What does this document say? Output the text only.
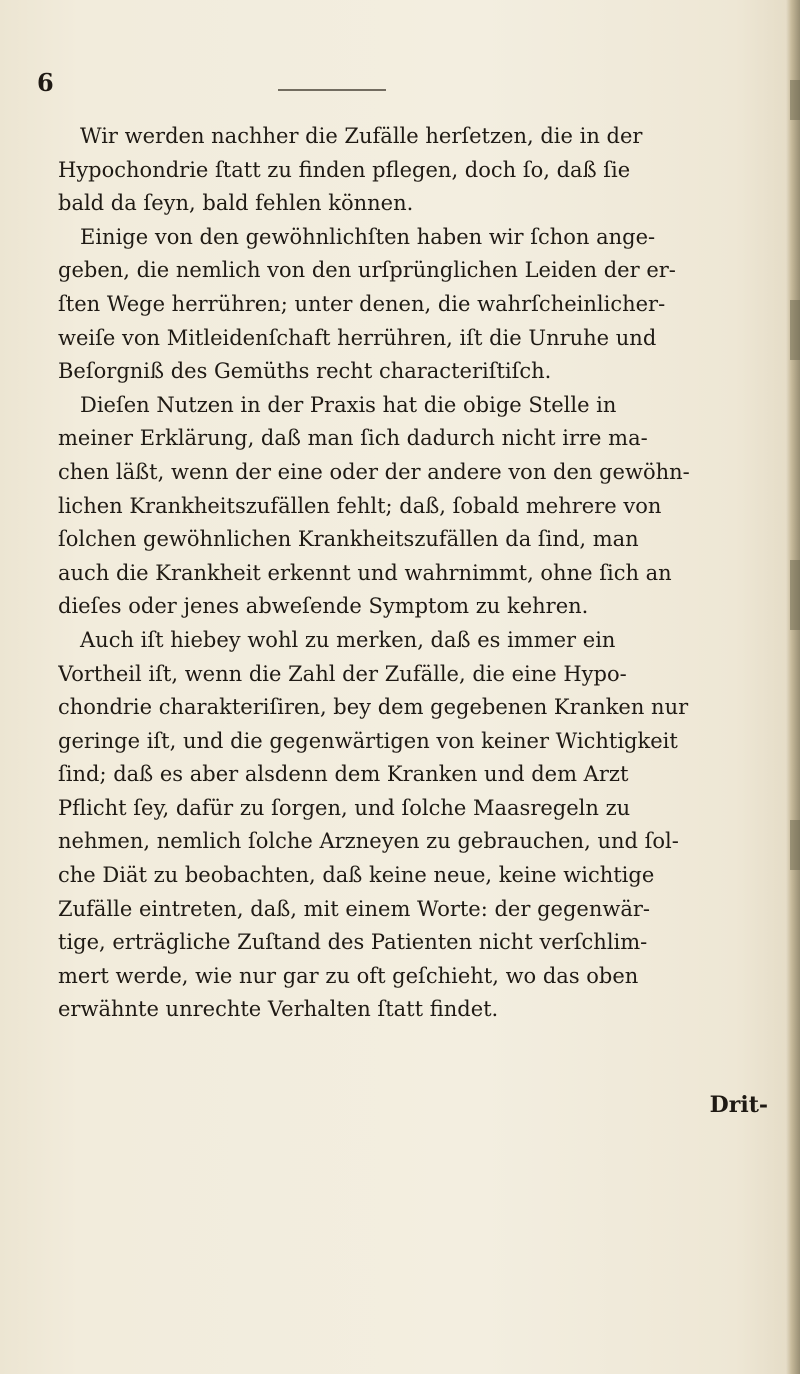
6
Wir werden nachher die Zufälle herſetzen, die in der
Hypochondrie ſtatt zu finden pflegen, doch ſo, daß ſie
bald da ſeyn, bald fehlen können.
Einige von den gewöhnlichſten haben wir ſchon ange-
geben, die nemlich von den urſprünglichen Leiden der er-
ſten Wege herrühren; unter denen, die wahrſcheinlicher-
weiſe von Mitleidenſchaft herrühren, iſt die Unruhe und
Beſorgniß des Gemüths recht characteriſtiſch.
Dieſen Nutzen in der Praxis hat die obige Stelle in
meiner Erklärung, daß man ſich dadurch nicht irre ma-
chen läßt, wenn der eine oder der andere von den gewöhn-
lichen Krankheitszufällen fehlt; daß, ſobald mehrere von
ſolchen gewöhnlichen Krankheitszufällen da ſind, man
auch die Krankheit erkennt und wahrnimmt, ohne ſich an
dieſes oder jenes abweſende Symptom zu kehren.
Auch iſt hiebey wohl zu merken, daß es immer ein
Vortheil iſt, wenn die Zahl der Zufälle, die eine Hypo-
chondrie charakteriſiren, bey dem gegebenen Kranken nur
geringe iſt, und die gegenwärtigen von keiner Wichtigkeit
ſind; daß es aber alsdenn dem Kranken und dem Arzt
Pflicht ſey, dafür zu ſorgen, und ſolche Maasregeln zu
nehmen, nemlich ſolche Arzneyen zu gebrauchen, und ſol-
che Diät zu beobachten, daß keine neue, keine wichtige
Zufälle eintreten, daß, mit einem Worte: der gegenwär-
tige, erträgliche Zuſtand des Patienten nicht verſchlim-
mert werde, wie nur gar zu oft geſchieht, wo das oben
erwähnte unrechte Verhalten ſtatt findet.
Drit-
